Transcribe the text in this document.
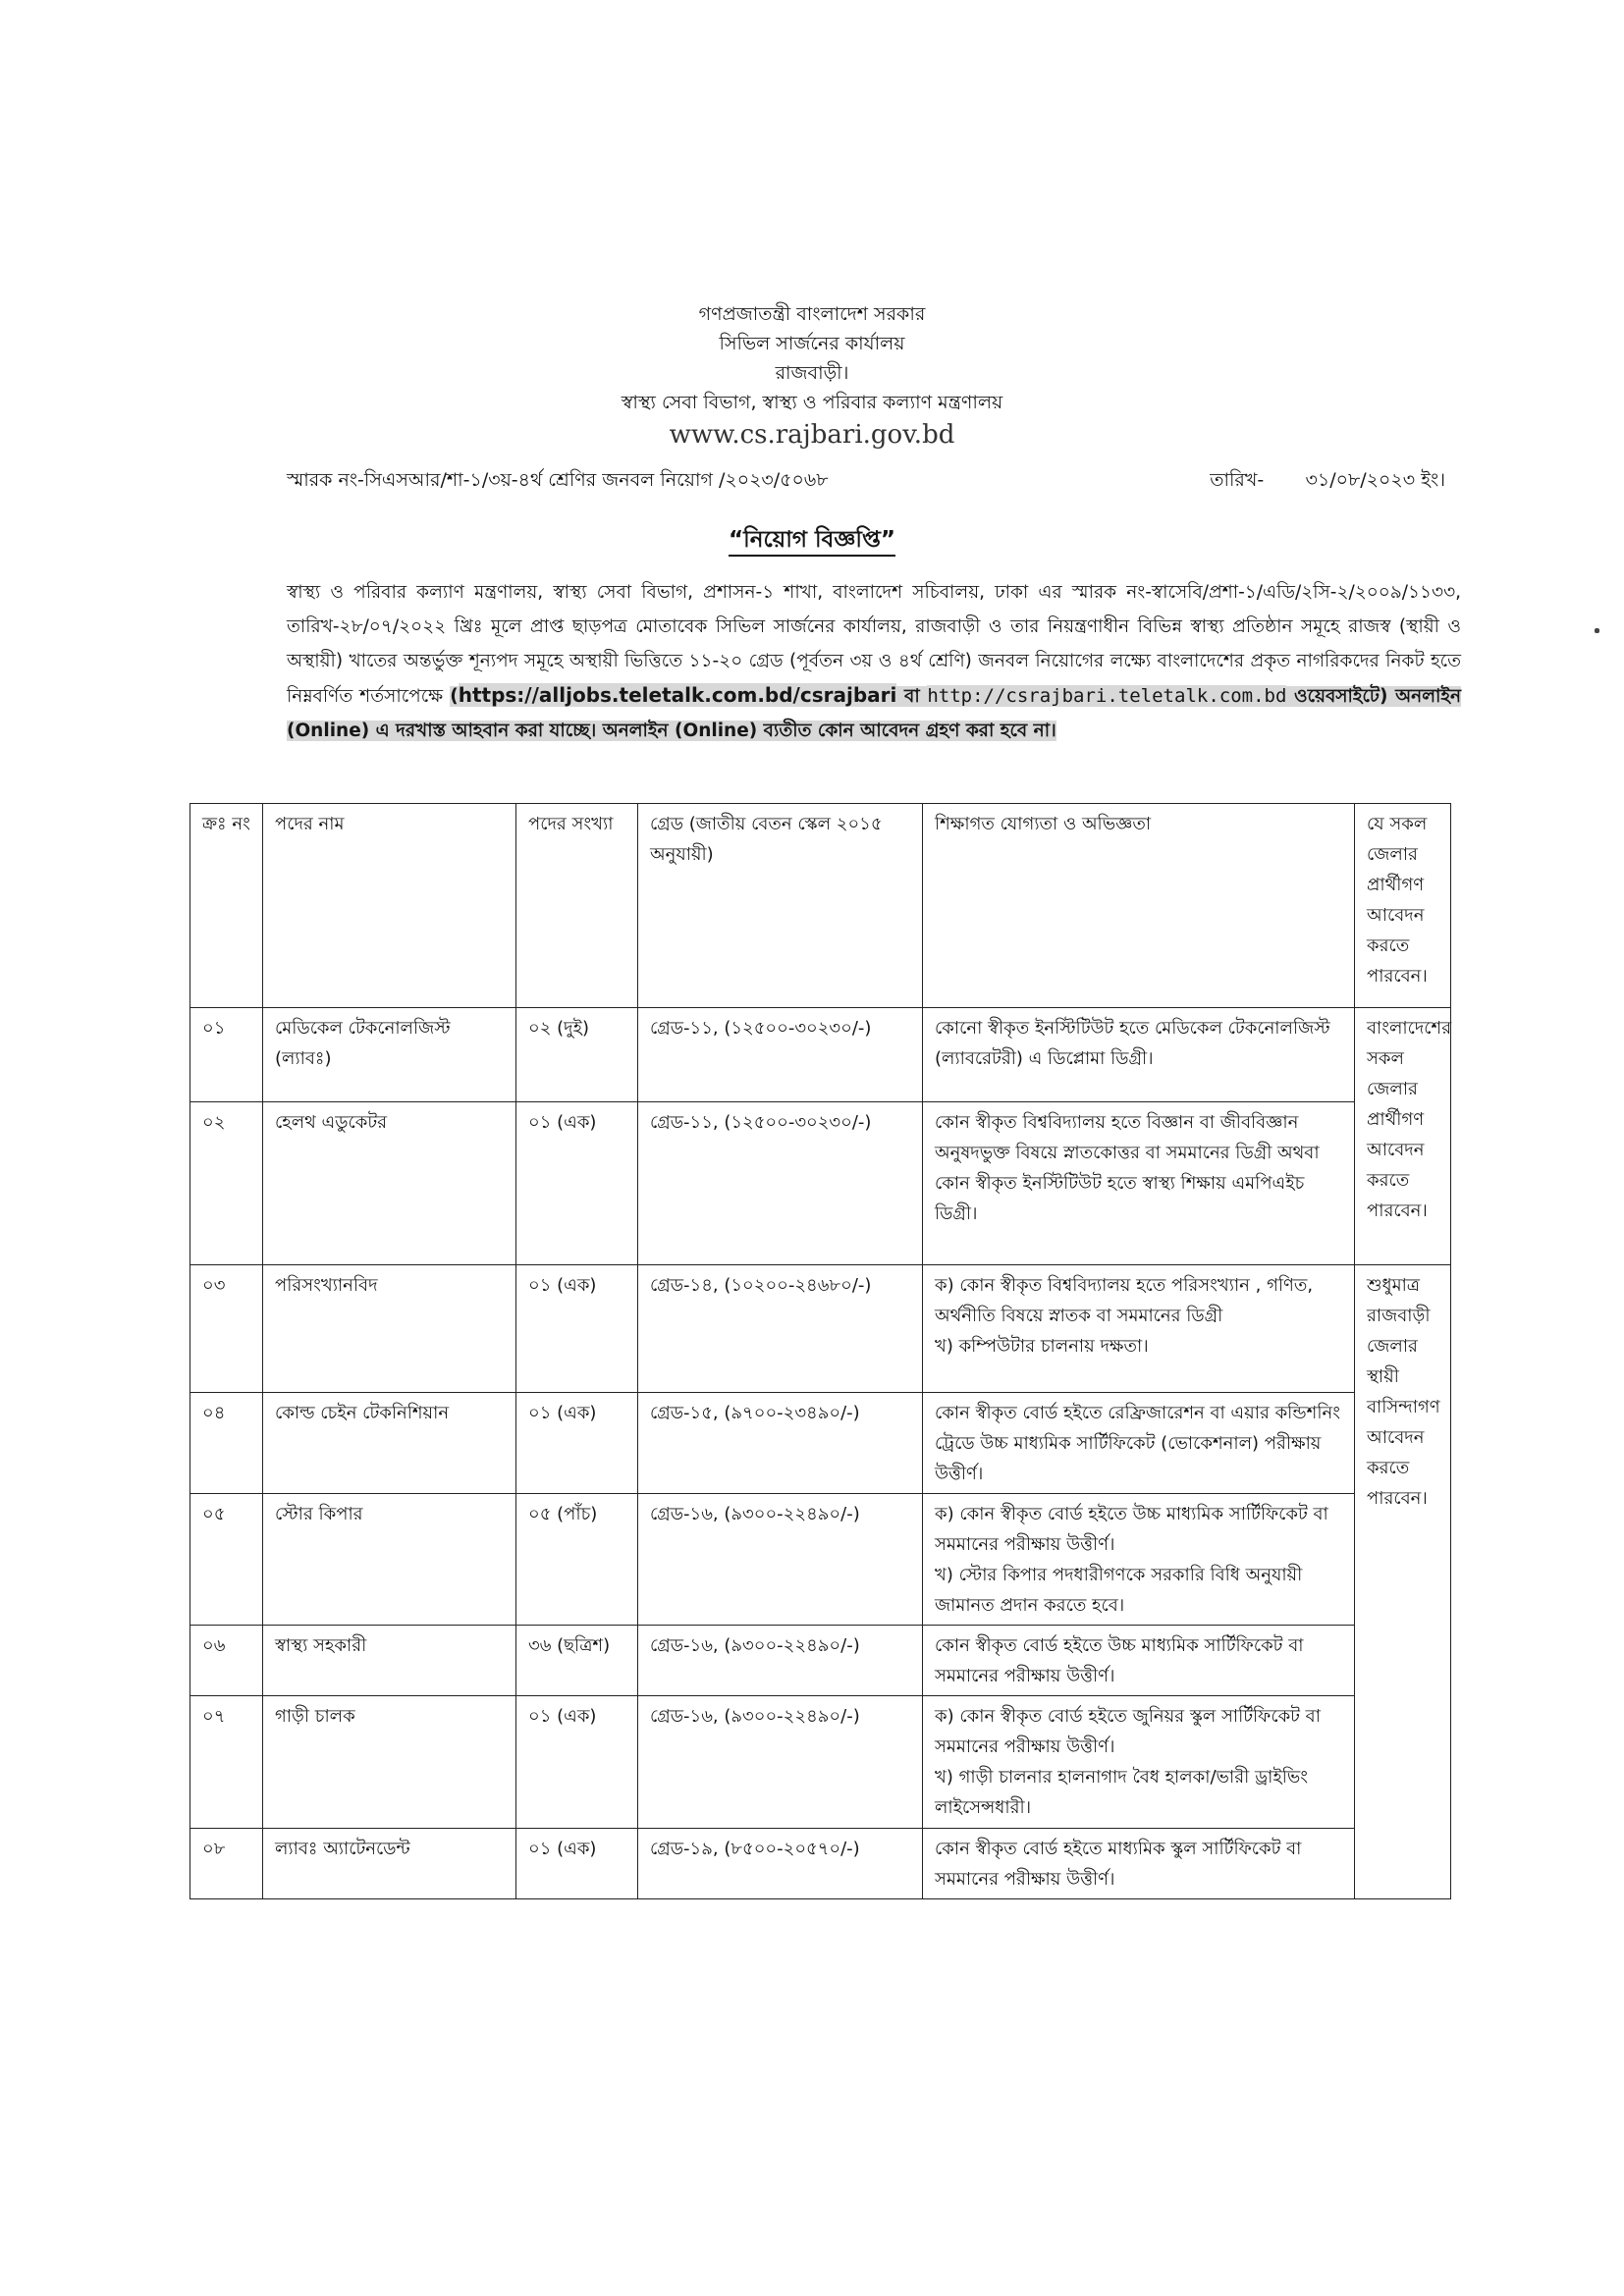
গণপ্রজাতন্ত্রী বাংলাদেশ সরকার
সিভিল সার্জনের কার্যালয়
রাজবাড়ী।
স্বাস্থ্য সেবা বিভাগ, স্বাস্থ্য ও পরিবার কল্যাণ মন্ত্রণালয়
www.cs.rajbari.gov.bd
স্মারক নং-সিএসআর/শা-১/৩য়-৪র্থ শ্রেণির জনবল নিয়োগ /২০২৩/৫০৬৮	তারিখ- ৩১/০৮/২০২৩ ইং।
“নিয়োগ বিজ্ঞপ্তি”
স্বাস্থ্য ও পরিবার কল্যাণ মন্ত্রণালয়, স্বাস্থ্য সেবা বিভাগ, প্রশাসন-১ শাখা, বাংলাদেশ সচিবালয়, ঢাকা এর স্মারক নং-স্বাসেবি/প্রশা-১/এডি/২সি-২/২০০৯/১১৩৩, তারিখ-২৮/০৭/২০২২ খ্রিঃ মূলে প্রাপ্ত ছাড়পত্র মোতাবেক সিভিল সার্জনের কার্যালয়, রাজবাড়ী ও তার নিয়ন্ত্রণাধীন বিভিন্ন স্বাস্থ্য প্রতিষ্ঠান সমূহে রাজস্ব (স্থায়ী ও অস্থায়ী) খাতের অন্তর্ভুক্ত শূন্যপদ সমূহে অস্থায়ী ভিত্তিতে ১১-২০ গ্রেড (পূর্বতন ৩য় ও ৪র্থ শ্রেণি) জনবল নিয়োগের লক্ষ্যে বাংলাদেশের প্রকৃত নাগরিকদের নিকট হতে নিম্নবর্ণিত শর্তসাপেক্ষে (https://alljobs.teletalk.com.bd/csrajbari বা http://csrajbari.teletalk.com.bd ওয়েবসাইটে) অনলাইন (Online) এ দরখাস্ত আহবান করা যাচ্ছে। অনলাইন (Online) ব্যতীত কোন আবেদন গ্রহণ করা হবে না।
ক্রঃ নং	পদের নাম	পদের সংখ্যা	গ্রেড (জাতীয় বেতন স্কেল ২০১৫ অনুযায়ী)	শিক্ষাগত যোগ্যতা ও অভিজ্ঞতা	যে সকল জেলার প্রার্থীগণ আবেদন করতে পারবেন।	
০১	মেডিকেল টেকনোলজিস্ট (ল্যাবঃ)	০২ (দুই)	গ্রেড-১১, (১২৫০০-৩০২৩০/-)	কোনো স্বীকৃত ইনস্টিটিউট হতে মেডিকেল টেকনোলজিস্ট (ল্যাবরেটরী) এ ডিপ্লোমা ডিগ্রী।	বাংলাদেশের সকল জেলার প্রার্থীগণ আবেদন করতে পারবেন।	
০২	হেলথ এডুকেটর	০১ (এক)	গ্রেড-১১, (১২৫০০-৩০২৩০/-)	কোন স্বীকৃত বিশ্ববিদ্যালয় হতে বিজ্ঞান বা জীববিজ্ঞান অনুষদভুক্ত বিষয়ে স্নাতকোত্তর বা সমমানের ডিগ্রী অথবা কোন স্বীকৃত ইনস্টিটিউট হতে স্বাস্থ্য শিক্ষায় এমপিএইচ ডিগ্রী।		

০৩	পরিসংখ্যানবিদ	০১ (এক)	গ্রেড-১৪, (১০২০০-২৪৬৮০/-)	ক) কোন স্বীকৃত বিশ্ববিদ্যালয় হতে পরিসংখ্যান , গণিত, অর্থনীতি বিষয়ে স্নাতক বা সমমানের ডিগ্রী
খ) কম্পিউটার চালনায় দক্ষতা।	শুধুমাত্র রাজবাড়ী জেলার স্থায়ী বাসিন্দাগণ আবেদন করতে পারবেন।	
০৪	কোল্ড চেইন টেকনিশিয়ান	০১ (এক)	গ্রেড-১৫, (৯৭০০-২৩৪৯০/-)	কোন স্বীকৃত বোর্ড হইতে রেফ্রিজারেশন বা এয়ার কন্ডিশনিং ট্রেডে উচ্চ মাধ্যমিক সার্টিফিকেট (ভোকেশনাল) পরীক্ষায় উত্তীর্ণ।		

০৫	স্টোর কিপার	০৫ (পাঁচ)	গ্রেড-১৬, (৯৩০০-২২৪৯০/-)	ক) কোন স্বীকৃত বোর্ড হইতে উচ্চ মাধ্যমিক সার্টিফিকেট বা সমমানের পরীক্ষায় উত্তীর্ণ।
খ) স্টোর কিপার পদধারীগণকে সরকারি বিধি অনুযায়ী জামানত প্রদান করতে হবে।		

০৬	স্বাস্থ্য সহকারী	৩৬ (ছত্রিশ)	গ্রেড-১৬, (৯৩০০-২২৪৯০/-)	কোন স্বীকৃত বোর্ড হইতে উচ্চ মাধ্যমিক সার্টিফিকেট বা সমমানের পরীক্ষায় উত্তীর্ণ।		

০৭	গাড়ী চালক	০১ (এক)	গ্রেড-১৬, (৯৩০০-২২৪৯০/-)	ক) কোন স্বীকৃত বোর্ড হইতে জুনিয়র স্কুল সার্টিফিকেট বা সমমানের পরীক্ষায় উত্তীর্ণ।
খ) গাড়ী চালনার হালনাগাদ বৈধ হালকা/ভারী ড্রাইভিং লাইসেন্সধারী।		

০৮	ল্যাবঃ অ্যাটেনডেন্ট	০১ (এক)	গ্রেড-১৯, (৮৫০০-২০৫৭০/-)	কোন স্বীকৃত বোর্ড হইতে মাধ্যমিক স্কুল সার্টিফিকেট বা সমমানের পরীক্ষায় উত্তীর্ণ।		
